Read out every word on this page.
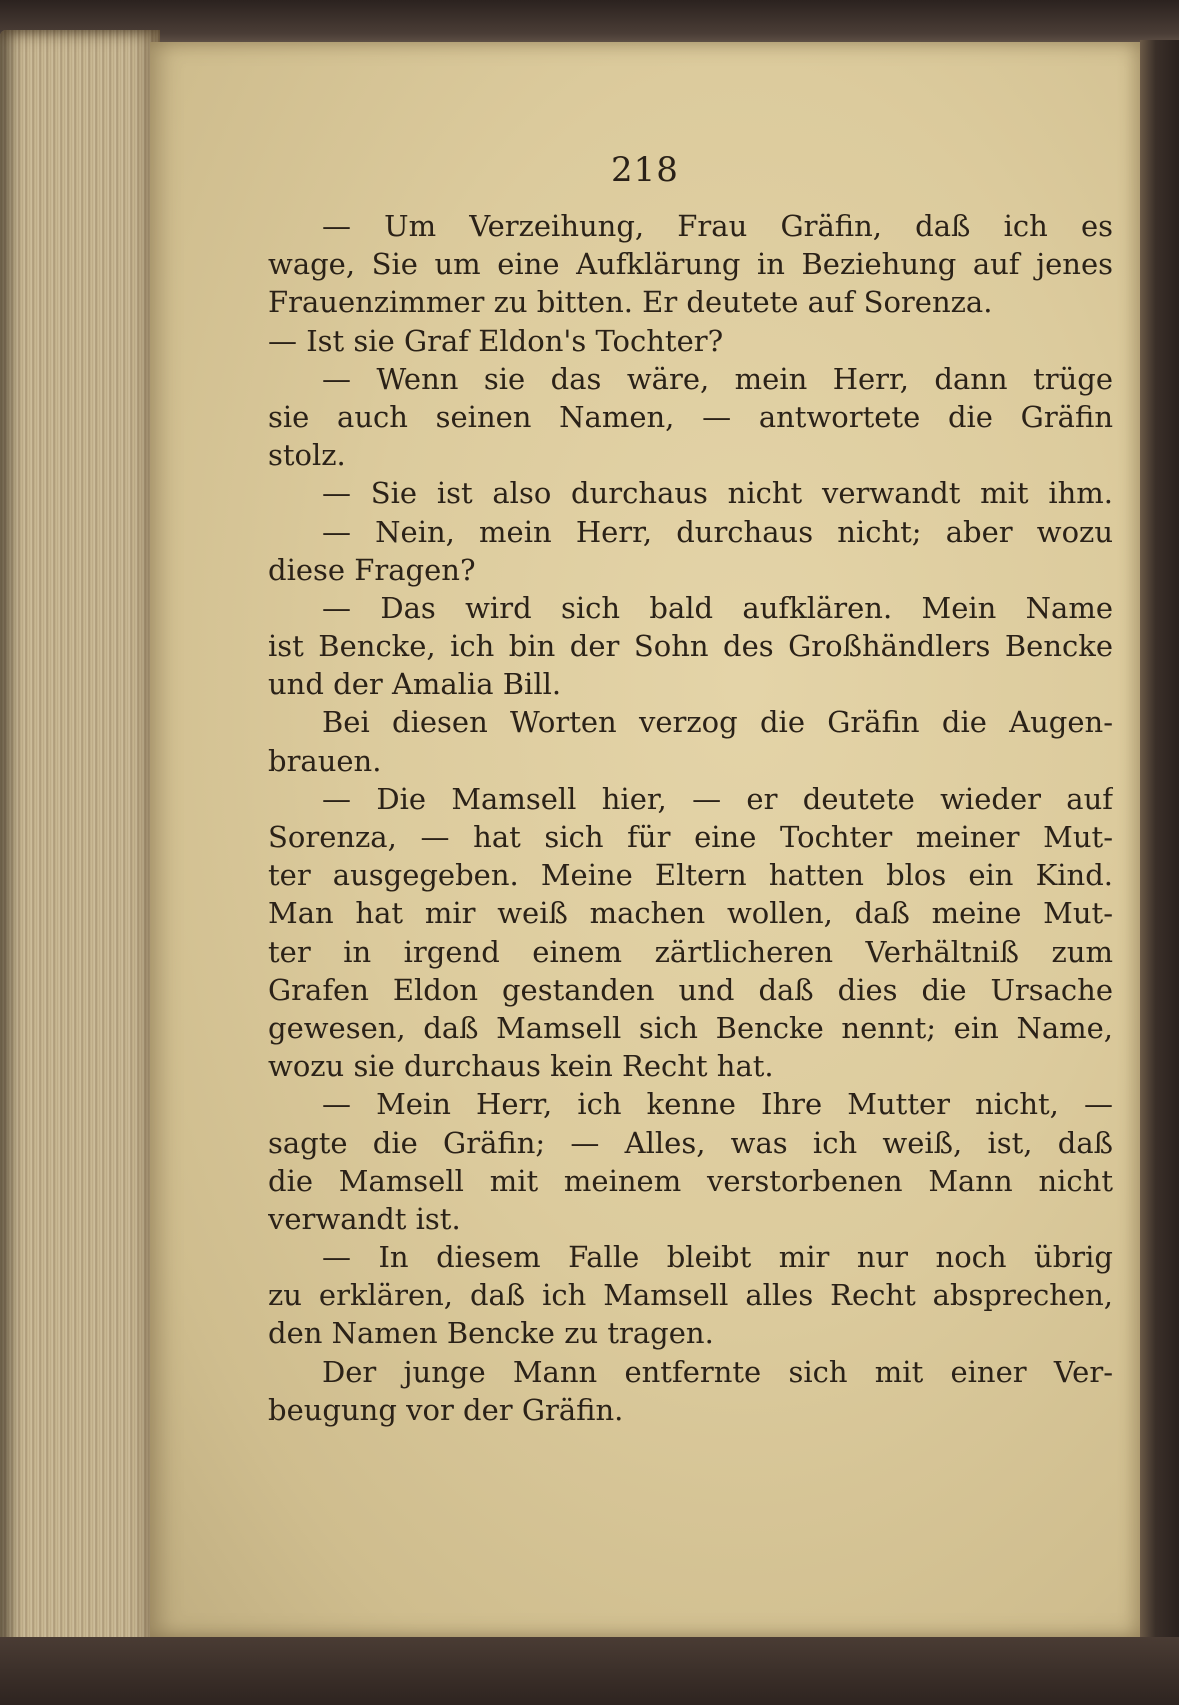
218
— Um Verzeihung, Frau Gräfin, daß ich es
wage, Sie um eine Aufklärung in Beziehung auf jenes
Frauenzimmer zu bitten. Er deutete auf Sorenza.
— Ist sie Graf Eldon's Tochter?
— Wenn sie das wäre, mein Herr, dann trüge
sie auch seinen Namen, — antwortete die Gräfin
stolz.
— Sie ist also durchaus nicht verwandt mit ihm.
— Nein, mein Herr, durchaus nicht; aber wozu
diese Fragen?
— Das wird sich bald aufklären. Mein Name
ist Bencke, ich bin der Sohn des Großhändlers Bencke
und der Amalia Bill.
Bei diesen Worten verzog die Gräfin die Augen-
brauen.
— Die Mamsell hier, — er deutete wieder auf
Sorenza, — hat sich für eine Tochter meiner Mut-
ter ausgegeben. Meine Eltern hatten blos ein Kind.
Man hat mir weiß machen wollen, daß meine Mut-
ter in irgend einem zärtlicheren Verhältniß zum
Grafen Eldon gestanden und daß dies die Ursache
gewesen, daß Mamsell sich Bencke nennt; ein Name,
wozu sie durchaus kein Recht hat.
— Mein Herr, ich kenne Ihre Mutter nicht, —
sagte die Gräfin; — Alles, was ich weiß, ist, daß
die Mamsell mit meinem verstorbenen Mann nicht
verwandt ist.
— In diesem Falle bleibt mir nur noch übrig
zu erklären, daß ich Mamsell alles Recht absprechen,
den Namen Bencke zu tragen.
Der junge Mann entfernte sich mit einer Ver-
beugung vor der Gräfin.
